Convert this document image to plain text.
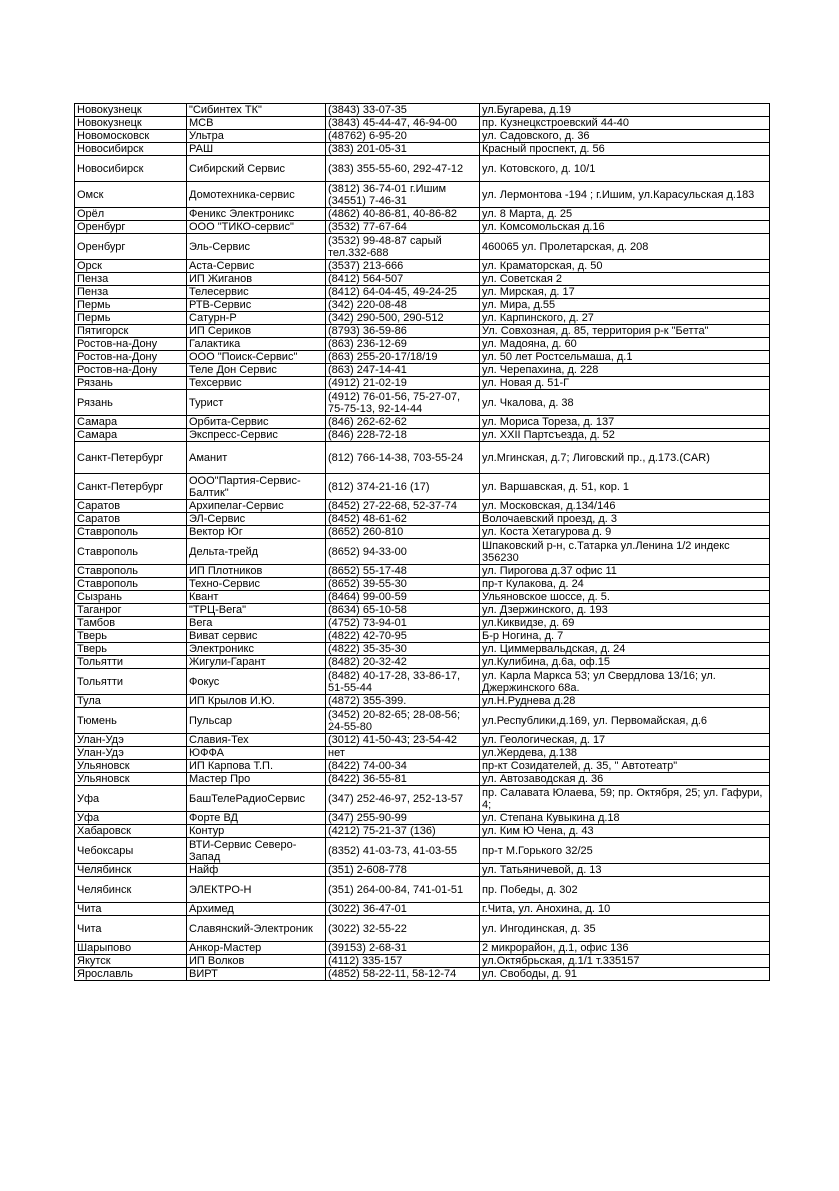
Новокузнецк	"Сибинтех ТК"	(3843) 33-07-35	ул.Бугарева, д.19
Новокузнецк	МСВ	(3843) 45-44-47, 46-94-00	пр. Кузнецкстроевский 44-40
Новомосковск	Ультра	(48762) 6-95-20	ул. Садовского, д. 36
Новосибирск	РАШ	(383) 201-05-31	Красный проспект, д. 56
Новосибирск	Сибирский Сервис	(383) 355-55-60, 292-47-12	ул. Котовского, д. 10/1
Омск	Домотехника-сервис	(3812) 36-74-01 г.Ишим (34551) 7-46-31	ул. Лермонтова -194 ; г.Ишим, ул.Карасульская д.183
Орёл	Феникс Электроникс	(4862) 40-86-81, 40-86-82	ул. 8 Марта, д. 25
Оренбург	ООО "ТИКО-сервис"	(3532) 77-67-64	ул. Комсомольская д.16
Оренбург	Эль-Сервис	(3532) 99-48-87 сарый тел.332-688	460065 ул. Пролетарская, д. 208
Орск	Аста-Сервис	(3537) 213-666	ул. Краматорская, д. 50
Пенза	ИП Жиганов	(8412) 564-507	ул. Советская 2
Пенза	Телесервис	(8412) 64-04-45, 49-24-25	ул. Мирская, д. 17
Пермь	РТВ-Сервис	(342) 220-08-48	ул. Мира, д.55
Пермь	Сатурн-Р	(342) 290-500, 290-512	ул. Карпинского, д. 27
Пятигорск	ИП Сериков	(8793) 36-59-86	Ул. Совхозная, д. 85, территория р-к "Бетта"
Ростов-на-Дону	Галактика	(863) 236-12-69	ул. Мадояна, д. 60
Ростов-на-Дону	ООО "Поиск-Сервис"	(863) 255-20-17/18/19	ул. 50 лет Ростсельмаша, д.1
Ростов-на-Дону	Теле Дон Сервис	(863) 247-14-41	ул. Черепахина, д. 228
Рязань	Техсервис	(4912) 21-02-19	ул. Новая д. 51-Г
Рязань	Турист	(4912) 76-01-56, 75-27-07, 75-75-13, 92-14-44	ул. Чкалова, д. 38
Самара	Орбита-Сервис	(846) 262-62-62	ул. Мориса Тореза, д. 137
Самара	Экспресс-Сервис	(846) 228-72-18	ул. XXII Партсъезда, д. 52
Санкт-Петербург	Аманит	(812) 766-14-38, 703-55-24	ул.Мгинская, д.7; Лиговский пр., д.173.(CAR)
Санкт-Петербург	ООО"Партия-Сервис-Балтик"	(812) 374-21-16 (17)	ул. Варшавская, д. 51, кор. 1
Саратов	Архипелаг-Сервис	(8452) 27-22-68, 52-37-74	ул. Московская, д.134/146
Саратов	ЭЛ-Сервис	(8452) 48-61-62	Волочаевский проезд, д. 3
Ставрополь	Вектор Юг	(8652) 260-810	ул. Коста Хетагурова д. 9
Ставрополь	Дельта-трейд	(8652) 94-33-00	Шпаковский р-н, с.Татарка ул.Ленина 1/2 индекс 356230
Ставрополь	ИП Плотников	(8652) 55-17-48	ул. Пирогова д.37 офис 11
Ставрополь	Техно-Сервис	(8652) 39-55-30	пр-т Кулакова, д. 24
Сызрань	Квант	(8464) 99-00-59	Ульяновское шоссе, д. 5.
Таганрог	"ТРЦ-Вега"	(8634) 65-10-58	ул. Дзержинского, д. 193
Тамбов	Вега	(4752) 73-94-01	ул.Киквидзе, д. 69
Тверь	Виват сервис	(4822) 42-70-95	Б-р Ногина, д. 7
Тверь	Электроникс	(4822) 35-35-30	ул. Циммервальдская, д. 24
Тольятти	Жигули-Гарант	(8482) 20-32-42	ул.Кулибина, д.6а, оф.15
Тольятти	Фокус	(8482) 40-17-28, 33-86-17, 51-55-44	ул. Карла Маркса 53; ул Свердлова 13/16; ул. Джержинского 68а.
Тула	ИП Крылов И.Ю.	(4872) 355-399.	ул.Н.Руднева д.28
Тюмень	Пульсар	(3452) 20-82-65; 28-08-56; 24-55-80	ул.Республики,д.169, ул. Первомайская, д.6
Улан-Удэ	Славия-Тех	(3012) 41-50-43; 23-54-42	ул. Геологическая, д. 17
Улан-Удэ	ЮФФА	нет	ул.Жердева, д.138
Ульяновск	ИП Карпова Т.П.	(8422) 74-00-34	пр-кт Созидателей, д. 35, " Автотеатр"
Ульяновск	Мастер Про	(8422) 36-55-81	ул. Автозаводская д. 36
Уфа	БашТелеРадиоСервис	(347) 252-46-97, 252-13-57	пр. Салавата Юлаева, 59; пр. Октября, 25; ул. Гафури, 4;
Уфа	Форте ВД	(347) 255-90-99	ул. Степана Кувыкина д.18
Хабаровск	Контур	(4212) 75-21-37 (136)	ул. Ким Ю Чена, д. 43
Чебоксары	ВТИ-Сервис Северо-Запад	(8352) 41-03-73, 41-03-55	пр-т М.Горького 32/25
Челябинск	Найф	(351) 2-608-778	ул. Татьяничевой, д. 13
Челябинск	ЭЛЕКТРО-Н	(351) 264-00-84, 741-01-51	пр. Победы, д. 302
Чита	Архимед	(3022) 36-47-01	г.Чита, ул. Анохина, д. 10
Чита	Славянский-Электроник	(3022) 32-55-22	ул. Ингодинская, д. 35
Шарыпово	Анкор-Мастер	(39153) 2-68-31	2 микрорайон, д.1, офис 136
Якутск	ИП Волков	(4112) 335-157	ул.Октябрьская, д.1/1 т.335157
Ярославль	ВИРТ	(4852) 58-22-11, 58-12-74	ул. Свободы, д. 91
